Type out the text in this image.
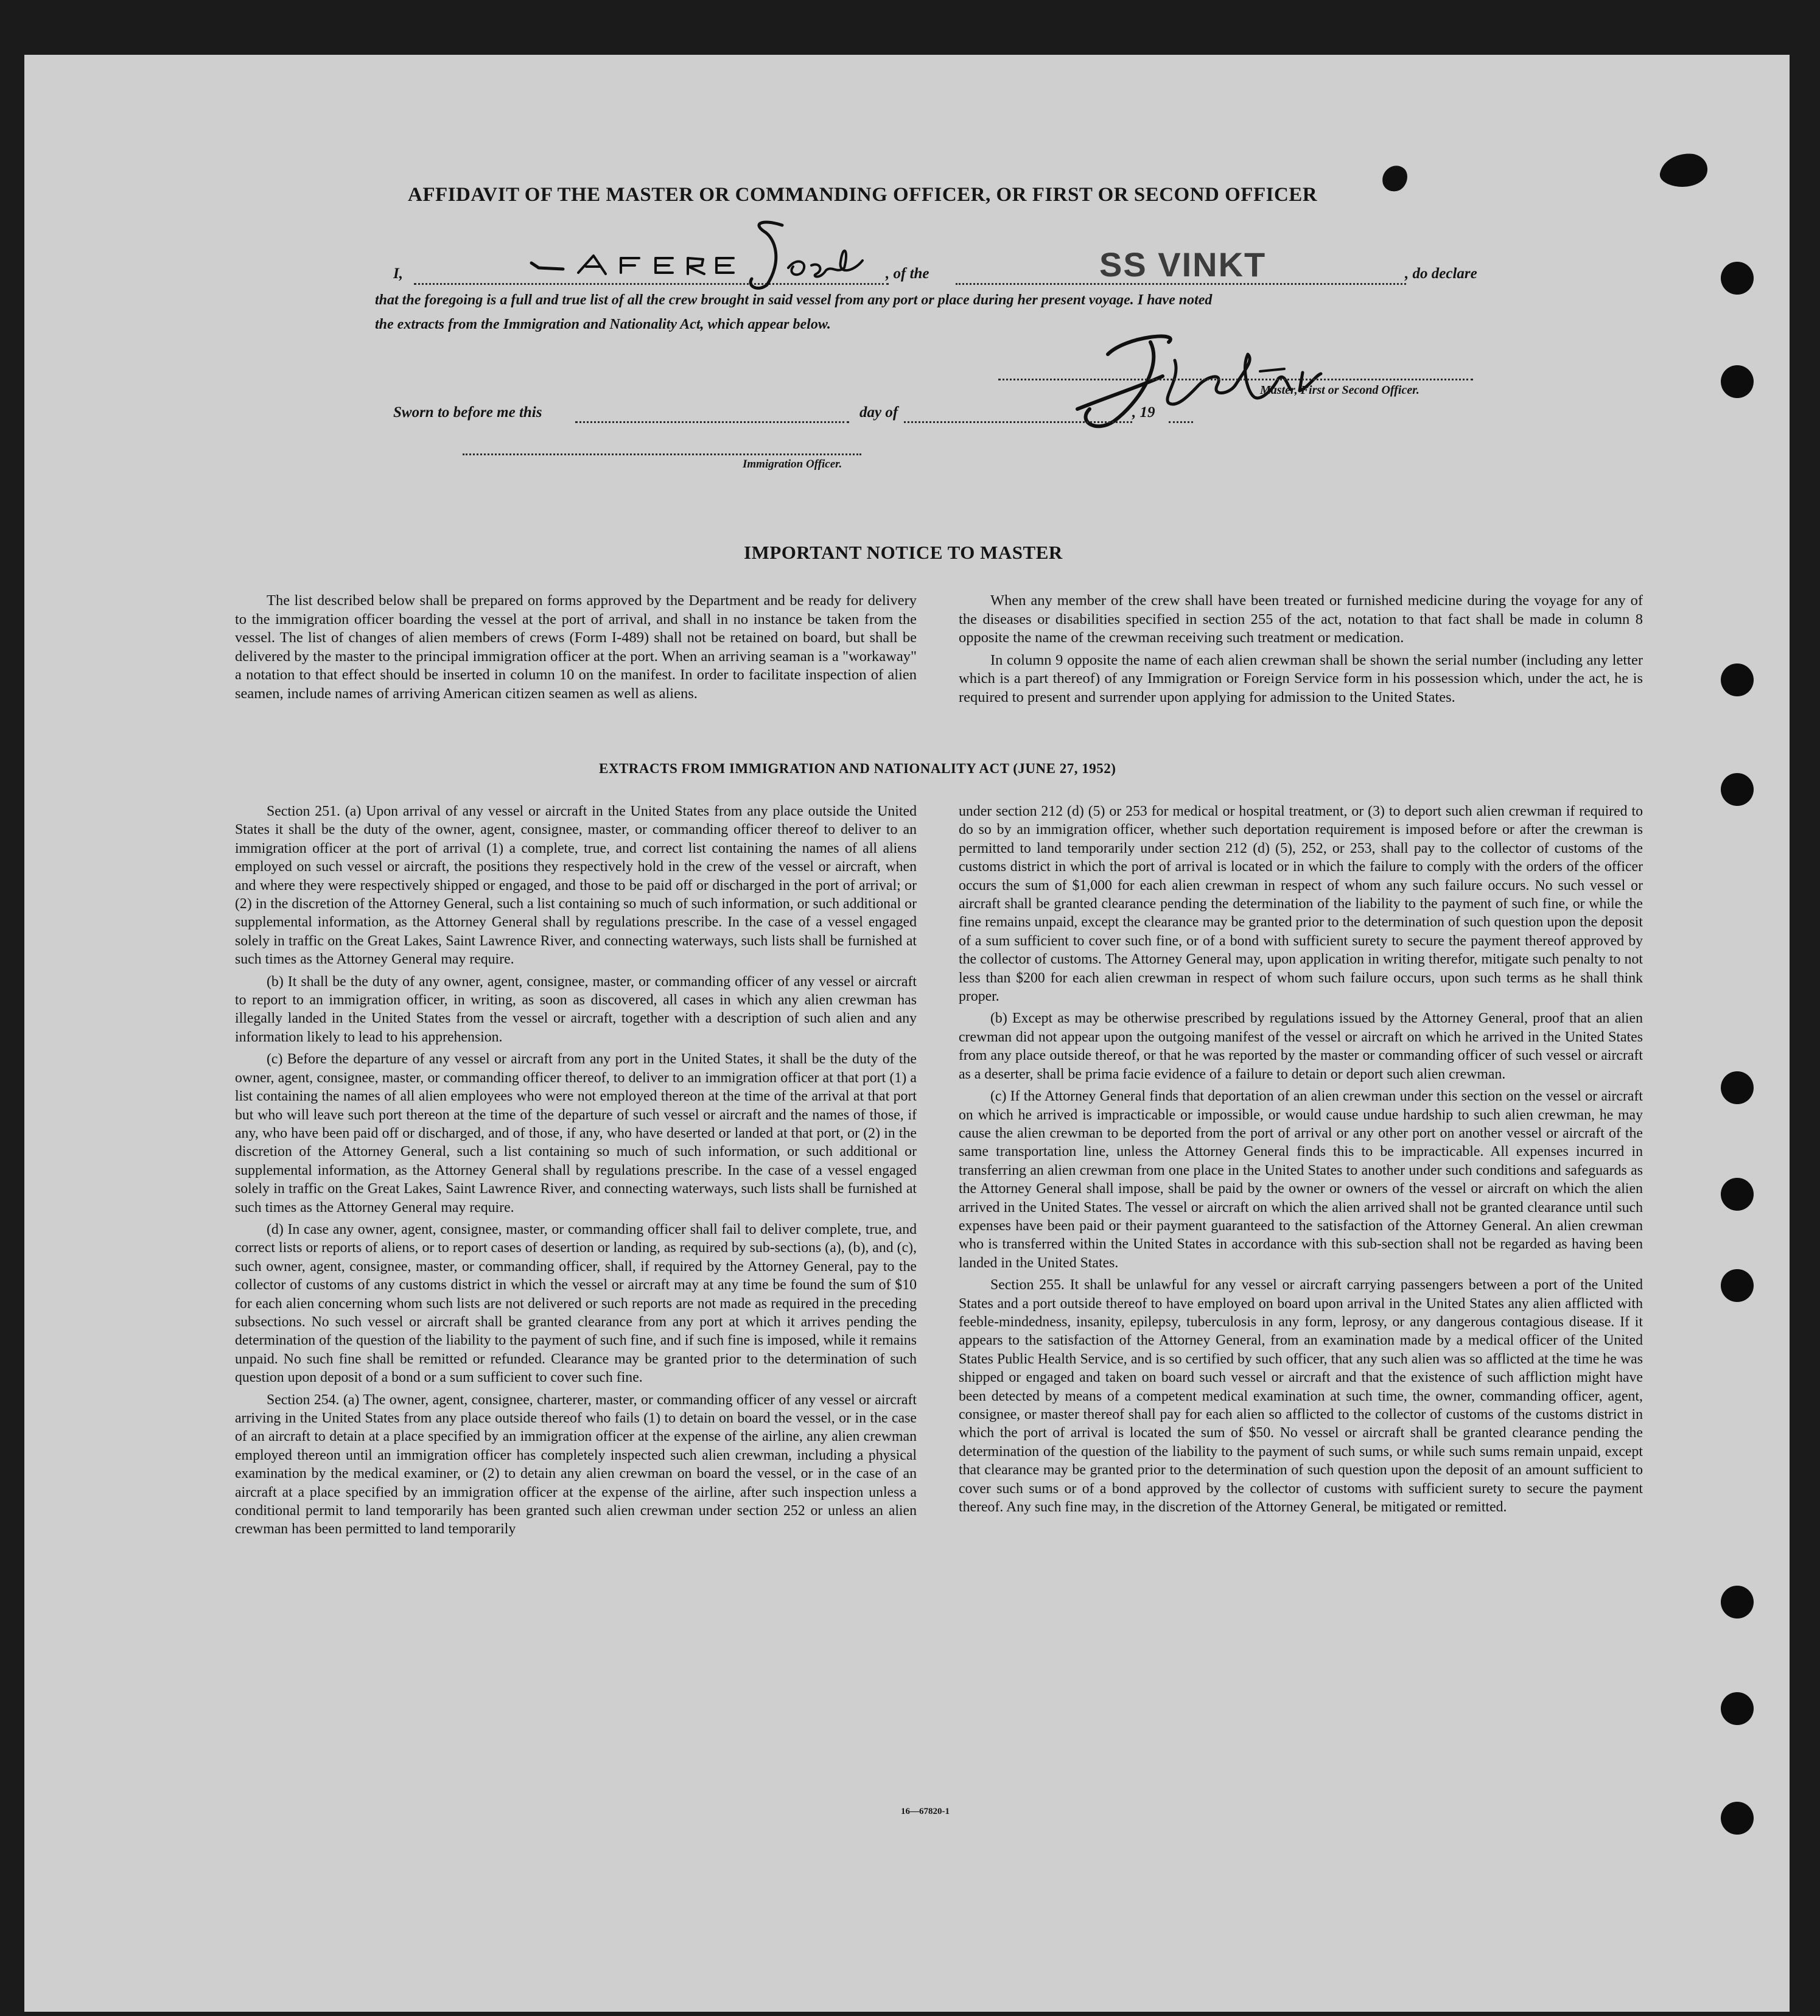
AFFIDAVIT OF THE MASTER OR COMMANDING OFFICER, OR FIRST OR SECOND OFFICER
I,	, of the	SS VINKT	, do declare
that the foregoing is a full and true list of all the crew brought in said vessel from any port or place during her present voyage. I have noted
the extracts from the Immigration and Nationality Act, which appear below.
Master, First or Second Officer.
Sworn to before me this	day of	, 19
Immigration Officer.
IMPORTANT NOTICE TO MASTER

The list described below shall be prepared on forms approved by the Department and be ready for delivery to the immigration officer boarding the vessel at the port of arrival, and shall in no instance be taken from the vessel. The list of changes of alien members of crews (Form I-489) shall not be retained on board, but shall be delivered by the master to the principal immigration officer at the port. When an arriving seaman is a "workaway" a notation to that effect should be inserted in column 10 on the manifest. In order to facilitate inspection of alien seamen, include names of arriving American citizen seamen as well as aliens.

When any member of the crew shall have been treated or furnished medicine during the voyage for any of the diseases or disabilities specified in section 255 of the act, notation to that fact shall be made in column 8 opposite the name of the crewman receiving such treatment or medication.

In column 9 opposite the name of each alien crewman shall be shown the serial number (including any letter which is a part thereof) of any Immigration or Foreign Service form in his possession which, under the act, he is required to present and surrender upon applying for admission to the United States.

EXTRACTS FROM IMMIGRATION AND NATIONALITY ACT (JUNE 27, 1952)

Section 251. (a) Upon arrival of any vessel or aircraft in the United States from any place outside the United States it shall be the duty of the owner, agent, consignee, master, or commanding officer thereof to deliver to an immigration officer at the port of arrival (1) a complete, true, and correct list containing the names of all aliens employed on such vessel or aircraft, the positions they respectively hold in the crew of the vessel or aircraft, when and where they were respectively shipped or engaged, and those to be paid off or discharged in the port of arrival; or (2) in the discretion of the Attorney General, such a list containing so much of such information, or such additional or supplemental information, as the Attorney General shall by regulations prescribe. In the case of a vessel engaged solely in traffic on the Great Lakes, Saint Lawrence River, and connecting waterways, such lists shall be furnished at such times as the Attorney General may require.

(b) It shall be the duty of any owner, agent, consignee, master, or commanding officer of any vessel or aircraft to report to an immigration officer, in writing, as soon as discovered, all cases in which any alien crewman has illegally landed in the United States from the vessel or aircraft, together with a description of such alien and any information likely to lead to his apprehension.

(c) Before the departure of any vessel or aircraft from any port in the United States, it shall be the duty of the owner, agent, consignee, master, or commanding officer thereof, to deliver to an immigration officer at that port (1) a list containing the names of all alien employees who were not employed thereon at the time of the arrival at that port but who will leave such port thereon at the time of the departure of such vessel or aircraft and the names of those, if any, who have been paid off or discharged, and of those, if any, who have deserted or landed at that port, or (2) in the discretion of the Attorney General, such a list containing so much of such information, or such additional or supplemental information, as the Attorney General shall by regulations prescribe. In the case of a vessel engaged solely in traffic on the Great Lakes, Saint Lawrence River, and connecting waterways, such lists shall be furnished at such times as the Attorney General may require.

(d) In case any owner, agent, consignee, master, or commanding officer shall fail to deliver complete, true, and correct lists or reports of aliens, or to report cases of desertion or landing, as required by sub-sections (a), (b), and (c), such owner, agent, consignee, master, or commanding officer, shall, if required by the Attorney General, pay to the collector of customs of any customs district in which the vessel or aircraft may at any time be found the sum of $10 for each alien concerning whom such lists are not delivered or such reports are not made as required in the preceding subsections. No such vessel or aircraft shall be granted clearance from any port at which it arrives pending the determination of the question of the liability to the payment of such fine, and if such fine is imposed, while it remains unpaid. No such fine shall be remitted or refunded. Clearance may be granted prior to the determination of such question upon deposit of a bond or a sum sufficient to cover such fine.

Section 254. (a) The owner, agent, consignee, charterer, master, or commanding officer of any vessel or aircraft arriving in the United States from any place outside thereof who fails (1) to detain on board the vessel, or in the case of an aircraft to detain at a place specified by an immigration officer at the expense of the airline, any alien crewman employed thereon until an immigration officer has completely inspected such alien crewman, including a physical examination by the medical examiner, or (2) to detain any alien crewman on board the vessel, or in the case of an aircraft at a place specified by an immigration officer at the expense of the airline, after such inspection unless a conditional permit to land temporarily has been granted such alien crewman under section 252 or unless an alien crewman has been permitted to land temporarily

under section 212 (d) (5) or 253 for medical or hospital treatment, or (3) to deport such alien crewman if required to do so by an immigration officer, whether such deportation requirement is imposed before or after the crewman is permitted to land temporarily under section 212 (d) (5), 252, or 253, shall pay to the collector of customs of the customs district in which the port of arrival is located or in which the failure to comply with the orders of the officer occurs the sum of $1,000 for each alien crewman in respect of whom any such failure occurs. No such vessel or aircraft shall be granted clearance pending the determination of the liability to the payment of such fine, or while the fine remains unpaid, except the clearance may be granted prior to the determination of such question upon the deposit of a sum sufficient to cover such fine, or of a bond with sufficient surety to secure the payment thereof approved by the collector of customs. The Attorney General may, upon application in writing therefor, mitigate such penalty to not less than $200 for each alien crewman in respect of whom such failure occurs, upon such terms as he shall think proper.

(b) Except as may be otherwise prescribed by regulations issued by the Attorney General, proof that an alien crewman did not appear upon the outgoing manifest of the vessel or aircraft on which he arrived in the United States from any place outside thereof, or that he was reported by the master or commanding officer of such vessel or aircraft as a deserter, shall be prima facie evidence of a failure to detain or deport such alien crewman.

(c) If the Attorney General finds that deportation of an alien crewman under this section on the vessel or aircraft on which he arrived is impracticable or impossible, or would cause undue hardship to such alien crewman, he may cause the alien crewman to be deported from the port of arrival or any other port on another vessel or aircraft of the same transportation line, unless the Attorney General finds this to be impracticable. All expenses incurred in transferring an alien crewman from one place in the United States to another under such conditions and safeguards as the Attorney General shall impose, shall be paid by the owner or owners of the vessel or aircraft on which the alien arrived in the United States. The vessel or aircraft on which the alien arrived shall not be granted clearance until such expenses have been paid or their payment guaranteed to the satisfaction of the Attorney General. An alien crewman who is transferred within the United States in accordance with this sub-section shall not be regarded as having been landed in the United States.

Section 255. It shall be unlawful for any vessel or aircraft carrying passengers between a port of the United States and a port outside thereof to have employed on board upon arrival in the United States any alien afflicted with feeble-mindedness, insanity, epilepsy, tuberculosis in any form, leprosy, or any dangerous contagious disease. If it appears to the satisfaction of the Attorney General, from an examination made by a medical officer of the United States Public Health Service, and is so certified by such officer, that any such alien was so afflicted at the time he was shipped or engaged and taken on board such vessel or aircraft and that the existence of such affliction might have been detected by means of a competent medical examination at such time, the owner, commanding officer, agent, consignee, or master thereof shall pay for each alien so afflicted to the collector of customs of the customs district in which the port of arrival is located the sum of $50. No vessel or aircraft shall be granted clearance pending the determination of the question of the liability to the payment of such sums, or while such sums remain unpaid, except that clearance may be granted prior to the determination of such question upon the deposit of an amount sufficient to cover such sums or of a bond approved by the collector of customs with sufficient surety to secure the payment thereof. Any such fine may, in the discretion of the Attorney General, be mitigated or remitted.

16—67820-1
